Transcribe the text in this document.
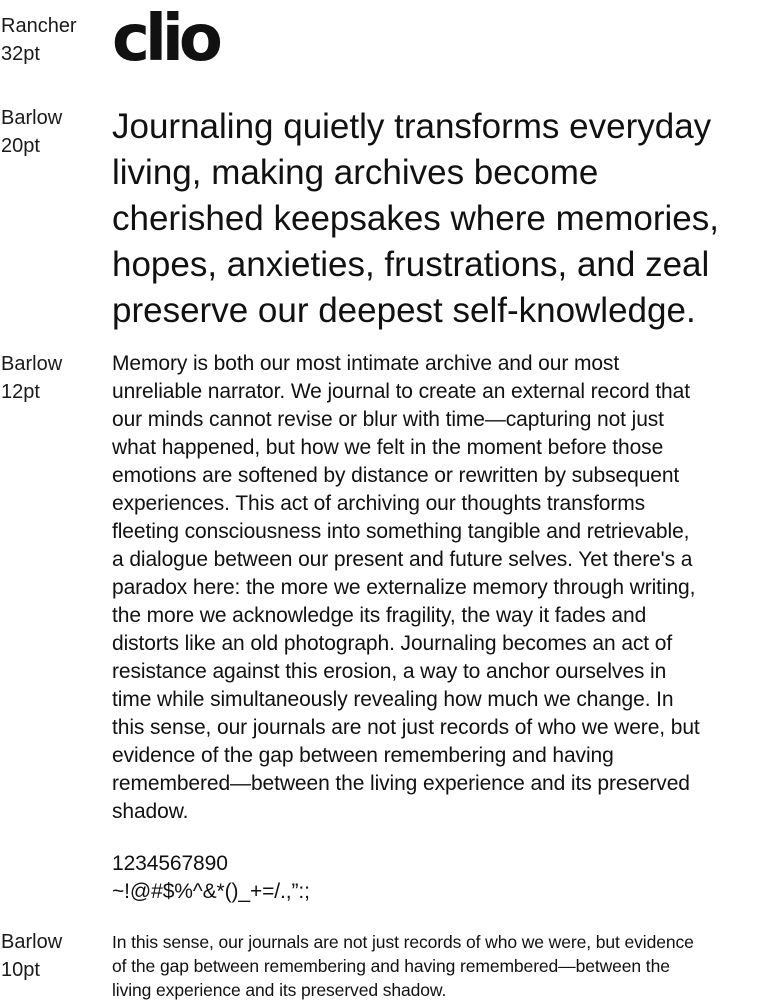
Rancher
32pt	clio
Barlow
20pt	Journaling quietly transforms everyday
living, making archives become
cherished keepsakes where memories,
hopes, anxieties, frustrations, and zeal
preserve our deepest self-knowledge.
Barlow
12pt
Memory is both our most intimate archive and our most
unreliable narrator. We journal to create an external record that
our minds cannot revise or blur with time—capturing not just
what happened, but how we felt in the moment before those
emotions are softened by distance or rewritten by subsequent
experiences. This act of archiving our thoughts transforms
fleeting consciousness into something tangible and retrievable,
a dialogue between our present and future selves. Yet there's a
paradox here: the more we externalize memory through writing,
the more we acknowledge its fragility, the way it fades and
distorts like an old photograph. Journaling becomes an act of
resistance against this erosion, a way to anchor ourselves in
time while simultaneously revealing how much we change. In
this sense, our journals are not just records of who we were, but
evidence of the gap between remembering and having
remembered—between the living experience and its preserved
shadow.
1234567890
~!@#$%^&*()_+=/.,”:;
Barlow
10pt
In this sense, our journals are not just records of who we were, but evidence
of the gap between remembering and having remembered—between the
living experience and its preserved shadow.
